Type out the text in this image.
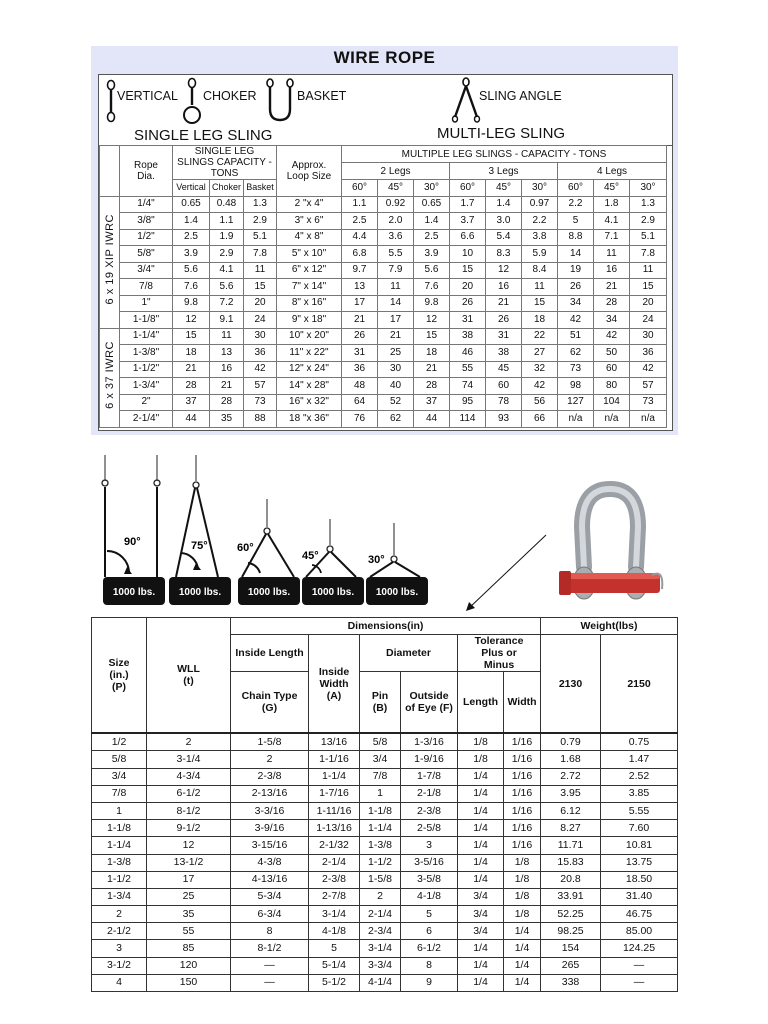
WIRE ROPE
VERTICAL CHOKER	BASKET	SLING ANGLE
SINGLE LEG SLING	MULTI-LEG SLING
	Rope Dia.	SINGLE LEG SLINGS CAPACITY - TONS			Approx. Loop Size	MULTIPLE LEG SLINGS - CAPACITY - TONS								
						2 Legs			3 Legs			4 Legs		
		Vertical	Choker	Basket		60°	45°	30°	60°	45°	30°	60°	45°	30°
6 x 19 XIP IWRC	1/4"	0.65	0.48	1.3	2 "x 4"	1.1	0.92	0.65	1.7	1.4	0.97	2.2	1.8	1.3
	3/8"	1.4	1.1	2.9	3" x 6"	2.5	2.0	1.4	3.7	3.0	2.2	5	4.1	2.9
	1/2"	2.5	1.9	5.1	4" x 8"	4.4	3.6	2.5	6.6	5.4	3.8	8.8	7.1	5.1
	5/8"	3.9	2.9	7.8	5" x 10"	6.8	5.5	3.9	10	8.3	5.9	14	11	7.8
	3/4"	5.6	4.1	11	6" x 12"	9.7	7.9	5.6	15	12	8.4	19	16	11
	7/8	7.6	5.6	15	7" x 14"	13	11	7.6	20	16	11	26	21	15
	1"	9.8	7.2	20	8" x 16"	17	14	9.8	26	21	15	34	28	20
	1-1/8"	12	9.1	24	9" x 18"	21	17	12	31	26	18	42	34	24
6 x 37 IWRC	1-1/4"	15	11	30	10" x 20"	26	21	15	38	31	22	51	42	30
	1-3/8"	18	13	36	11" x 22"	31	25	18	46	38	27	62	50	36
	1-1/2"	21	16	42	12" x 24"	36	30	21	55	45	32	73	60	42
	1-3/4"	28	21	57	14" x 28"	48	40	28	74	60	42	98	80	57
	2"	37	28	73	16" x 32"	64	52	37	95	78	56	127	104	73
	2-1/4"	44	35	88	18 "x 36"	76	62	44	114	93	66	n/a	n/a	n/a
90°
1000 lbs.
75°
1000 lbs.
60°
1000 lbs.
45°
1000 lbs.
30°
1000 lbs.
Size (in.) (P)	WLL (t)	Dimensions(in)						Weight(lbs)	
		Inside Length	Inside Width (A)	Diameter		Tolerance Plus or Minus		2130	2150
		Chain Type (G)		Pin (B)	Outside of Eye (F)	Length	Width		
1/2	2	1-5/8	13/16	5/8	1-3/16	1/8	1/16	0.79	0.75
5/8	3-1/4	2	1-1/16	3/4	1-9/16	1/8	1/16	1.68	1.47
3/4	4-3/4	2-3/8	1-1/4	7/8	1-7/8	1/4	1/16	2.72	2.52
7/8	6-1/2	2-13/16	1-7/16	1	2-1/8	1/4	1/16	3.95	3.85
1	8-1/2	3-3/16	1-11/16	1-1/8	2-3/8	1/4	1/16	6.12	5.55
1-1/8	9-1/2	3-9/16	1-13/16	1-1/4	2-5/8	1/4	1/16	8.27	7.60
1-1/4	12	3-15/16	2-1/32	1-3/8	3	1/4	1/16	11.71	10.81
1-3/8	13-1/2	4-3/8	2-1/4	1-1/2	3-5/16	1/4	1/8	15.83	13.75
1-1/2	17	4-13/16	2-3/8	1-5/8	3-5/8	1/4	1/8	20.8	18.50
1-3/4	25	5-3/4	2-7/8	2	4-1/8	3/4	1/8	33.91	31.40
2	35	6-3/4	3-1/4	2-1/4	5	3/4	1/8	52.25	46.75
2-1/2	55	8	4-1/8	2-3/4	6	3/4	1/4	98.25	85.00
3	85	8-1/2	5	3-1/4	6-1/2	1/4	1/4	154	124.25
3-1/2	120	—	5-1/4	3-3/4	8	1/4	1/4	265	—
4	150	—	5-1/2	4-1/4	9	1/4	1/4	338	—
